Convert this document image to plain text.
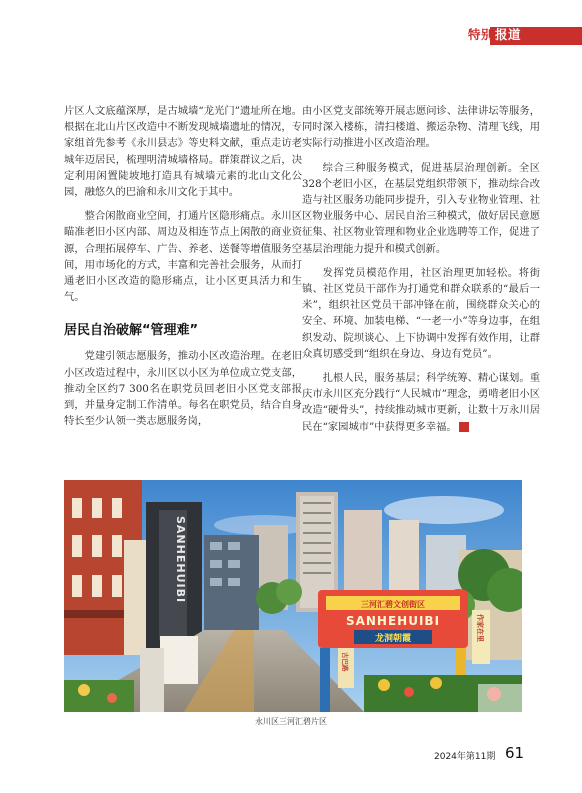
特别报道

片区人文底蕴深厚，是古城墙“龙光门”遗址所在地。根据在北山片区改造中不断发现城墙遗址的情况，专家组首先参考《永川县志》等史料文献，重点走访老城年迈居民，梳理明清城墙格局。群策群议之后，决定利用闲置陡坡地打造具有城墙元素的北山文化公园，融悠久的巴渝和永川文化于其中。

整合闲散商业空间，打通片区隐形痛点。永川区瞄准老旧小区内部、周边及相连节点上闲散的商业资源，合理拓展停车、广告、养老、送餐等增值服务空间，用市场化的方式，丰富和完善社会服务，从而打通老旧小区改造的隐形痛点，让小区更具活力和生气。

居民自治破解“管理难”

党建引领志愿服务，推动小区改造治理。在老旧小区改造过程中，永川区以小区为单位成立党支部，推动全区约7 300名在职党员回老旧小区党支部报到，并量身定制工作清单。每名在职党员，结合自身特长至少认领一类志愿服务岗，

由小区党支部统筹开展志愿问诊、法律讲坛等服务，同时深入楼栋，清扫楼道、搬运杂物、清理飞线，用实际行动推进小区改造治理。

综合三种服务模式，促进基层治理创新。全区328个老旧小区，在基层党组织带领下，推动综合改造与社区服务功能同步提升，引入专业物业管理、社区物业服务中心、居民自治三种模式，做好居民意愿征集、社区物业管理和物业企业选聘等工作，促进了基层治理能力提升和模式创新。

发挥党员模范作用，社区治理更加轻松。将街镇、社区党员干部作为打通党和群众联系的“最后一米”，组织社区党员干部冲锋在前，围绕群众关心的安全、环境、加装电梯、“一老一小”等身边事，在组织发动、院坝谈心、上下协调中发挥有效作用，让群众真切感受到“组织在身边、身边有党员”。

扎根人民，服务基层；科学统筹、精心谋划。重庆市永川区充分践行“人民城市”理念，勇啃老旧小区改造“硬骨头”，持续推动城市更新，让数十万永川居民在“家园城市”中获得更多幸福。	区

SANHEHUIBI
三河汇碧文创街区
SANHEHUIBI
龙洞朝霞
古巴路
作家在里
永川区三河汇碧片区
2024年第11期 61
